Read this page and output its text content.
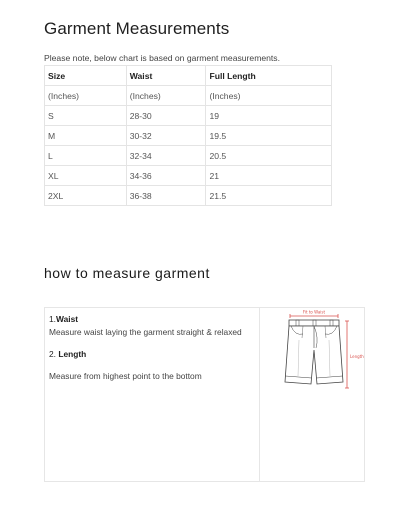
Garment Measurements
Please note, below chart is based on garment measurements.
Size	Waist	Full Length
(Inches)	(Inches)	(Inches)
S	28-30	19
M	30-32	19.5
L	32-34	20.5
XL	34-36	21
2XL	36-38	21.5
how to measure garment

1.Waist

Measure waist laying the garment straight & relaxed

2. Length

Measure from highest point to the bottom

Fit to Waist
Length
